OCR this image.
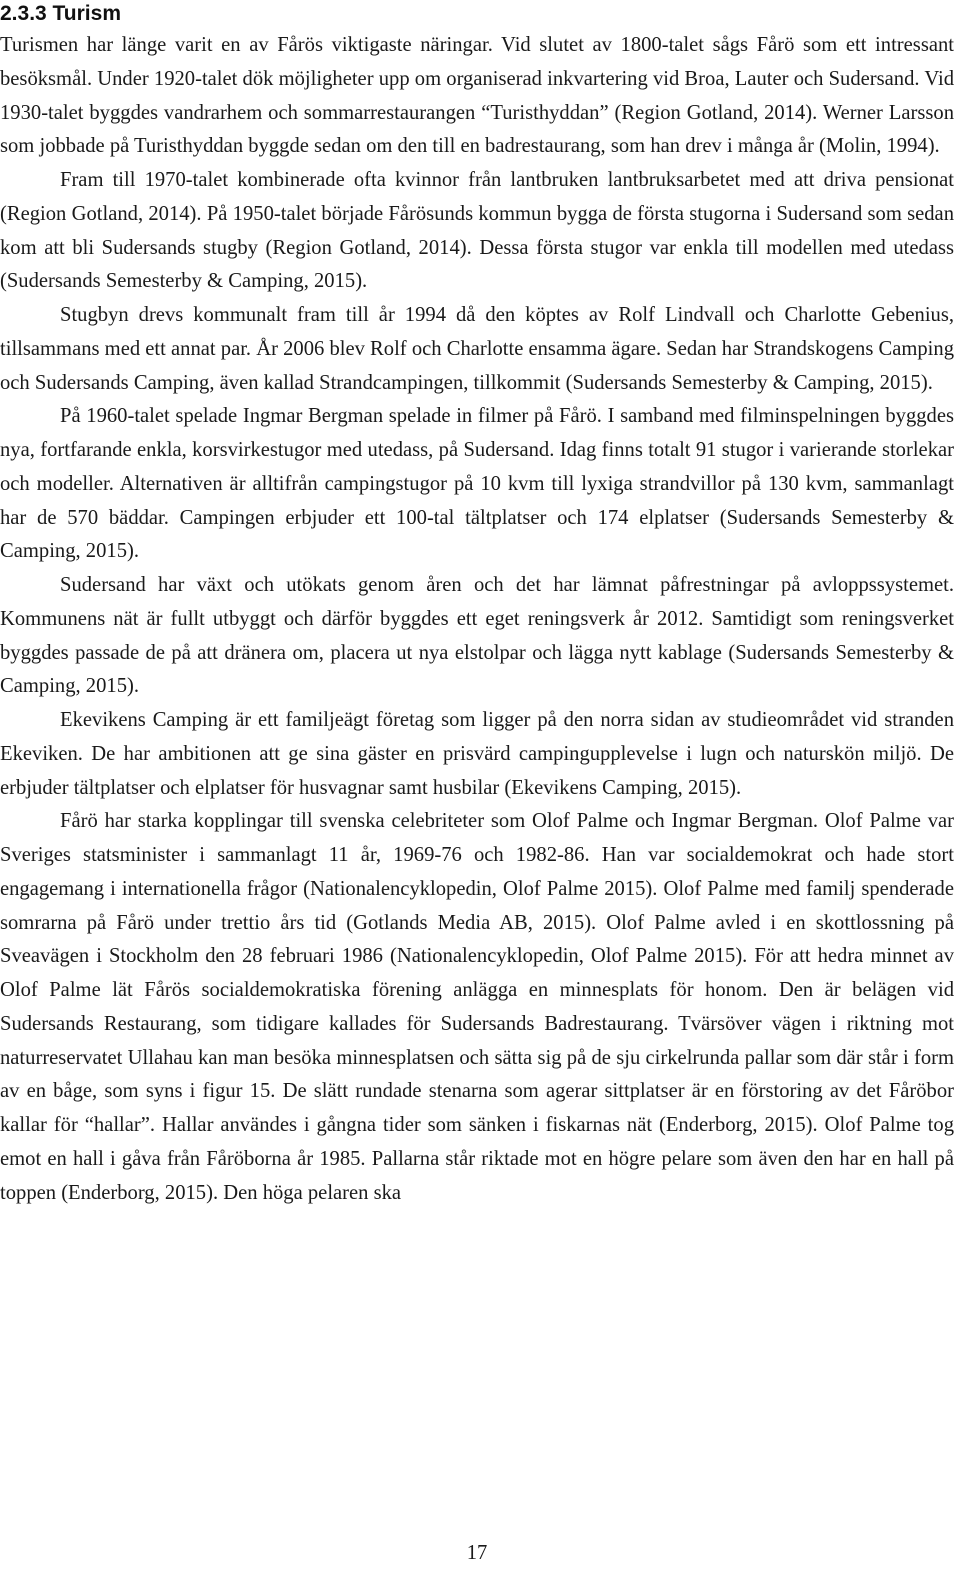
2.3.3 Turism

Turismen har länge varit en av Fårös viktigaste näringar. Vid slutet av 1800-talet sågs Fårö som ett intressant besöksmål. Under 1920-talet dök möjligheter upp om organiserad inkvartering vid Broa, Lauter och Sudersand. Vid 1930-talet byggdes vandrarhem och sommarrestaurangen “Turisthyddan” (Region Gotland, 2014). Werner Larsson som jobbade på Turisthyddan byggde sedan om den till en badrestaurang, som han drev i många år (Molin, 1994).

Fram till 1970-talet kombinerade ofta kvinnor från lantbruken lantbruksarbetet med att driva pensionat (Region Gotland, 2014). På 1950-talet började Fårösunds kommun bygga de första stugorna i Sudersand som sedan kom att bli Sudersands stugby (Region Gotland, 2014). Dessa första stugor var enkla till modellen med utedass (Sudersands Semesterby & Camping, 2015).

Stugbyn drevs kommunalt fram till år 1994 då den köptes av Rolf Lindvall och Charlotte Gebenius, tillsammans med ett annat par. År 2006 blev Rolf och Charlotte ensamma ägare. Sedan har Strandskogens Camping och Sudersands Camping, även kallad Strandcampingen, tillkommit (Sudersands Semesterby & Camping, 2015).

På 1960-talet spelade Ingmar Bergman spelade in filmer på Fårö. I samband med filminspelningen byggdes nya, fortfarande enkla, korsvirkestugor med utedass, på Sudersand. Idag finns totalt 91 stugor i varierande storlekar och modeller. Alternativen är alltifrån campingstugor på 10 kvm till lyxiga strandvillor på 130 kvm, sammanlagt har de 570 bäddar. Campingen erbjuder ett 100-tal tältplatser och 174 elplatser (Sudersands Semesterby & Camping, 2015).

Sudersand har växt och utökats genom åren och det har lämnat påfrestningar på avloppssystemet. Kommunens nät är fullt utbyggt och därför byggdes ett eget reningsverk år 2012. Samtidigt som reningsverket byggdes passade de på att dränera om, placera ut nya elstolpar och lägga nytt kablage (Sudersands Semesterby & Camping, 2015).

Ekevikens Camping är ett familjeägt företag som ligger på den norra sidan av studieområdet vid stranden Ekeviken. De har ambitionen att ge sina gäster en prisvärd campingupplevelse i lugn och naturskön miljö. De erbjuder tältplatser och elplatser för husvagnar samt husbilar (Ekevikens Camping, 2015).

Fårö har starka kopplingar till svenska celebriteter som Olof Palme och Ingmar Bergman. Olof Palme var Sveriges statsminister i sammanlagt 11 år, 1969-76 och 1982-86. Han var socialdemokrat och hade stort engagemang i internationella frågor (Nationalencyklopedin, Olof Palme 2015). Olof Palme med familj spenderade somrarna på Fårö under trettio års tid (Gotlands Media AB, 2015). Olof Palme avled i en skottlossning på Sveavägen i Stockholm den 28 februari 1986 (Nationalencyklopedin, Olof Palme 2015). För att hedra minnet av Olof Palme lät Fårös socialdemokratiska förening anlägga en minnesplats för honom. Den är belägen vid Sudersands Restaurang, som tidigare kallades för Sudersands Badrestaurang. Tvärsöver vägen i riktning mot naturreservatet Ullahau kan man besöka minnesplatsen och sätta sig på de sju cirkelrunda pallar som där står i form av en båge, som syns i figur 15. De slätt rundade stenarna som agerar sittplatser är en förstoring av det Fåröbor kallar för “hallar”. Hallar användes i gångna tider som sänken i fiskarnas nät (Enderborg, 2015). Olof Palme tog emot en hall i gåva från Fåröborna år 1985. Pallarna står riktade mot en högre pelare som även den har en hall på toppen (Enderborg, 2015). Den höga pelaren ska

17
